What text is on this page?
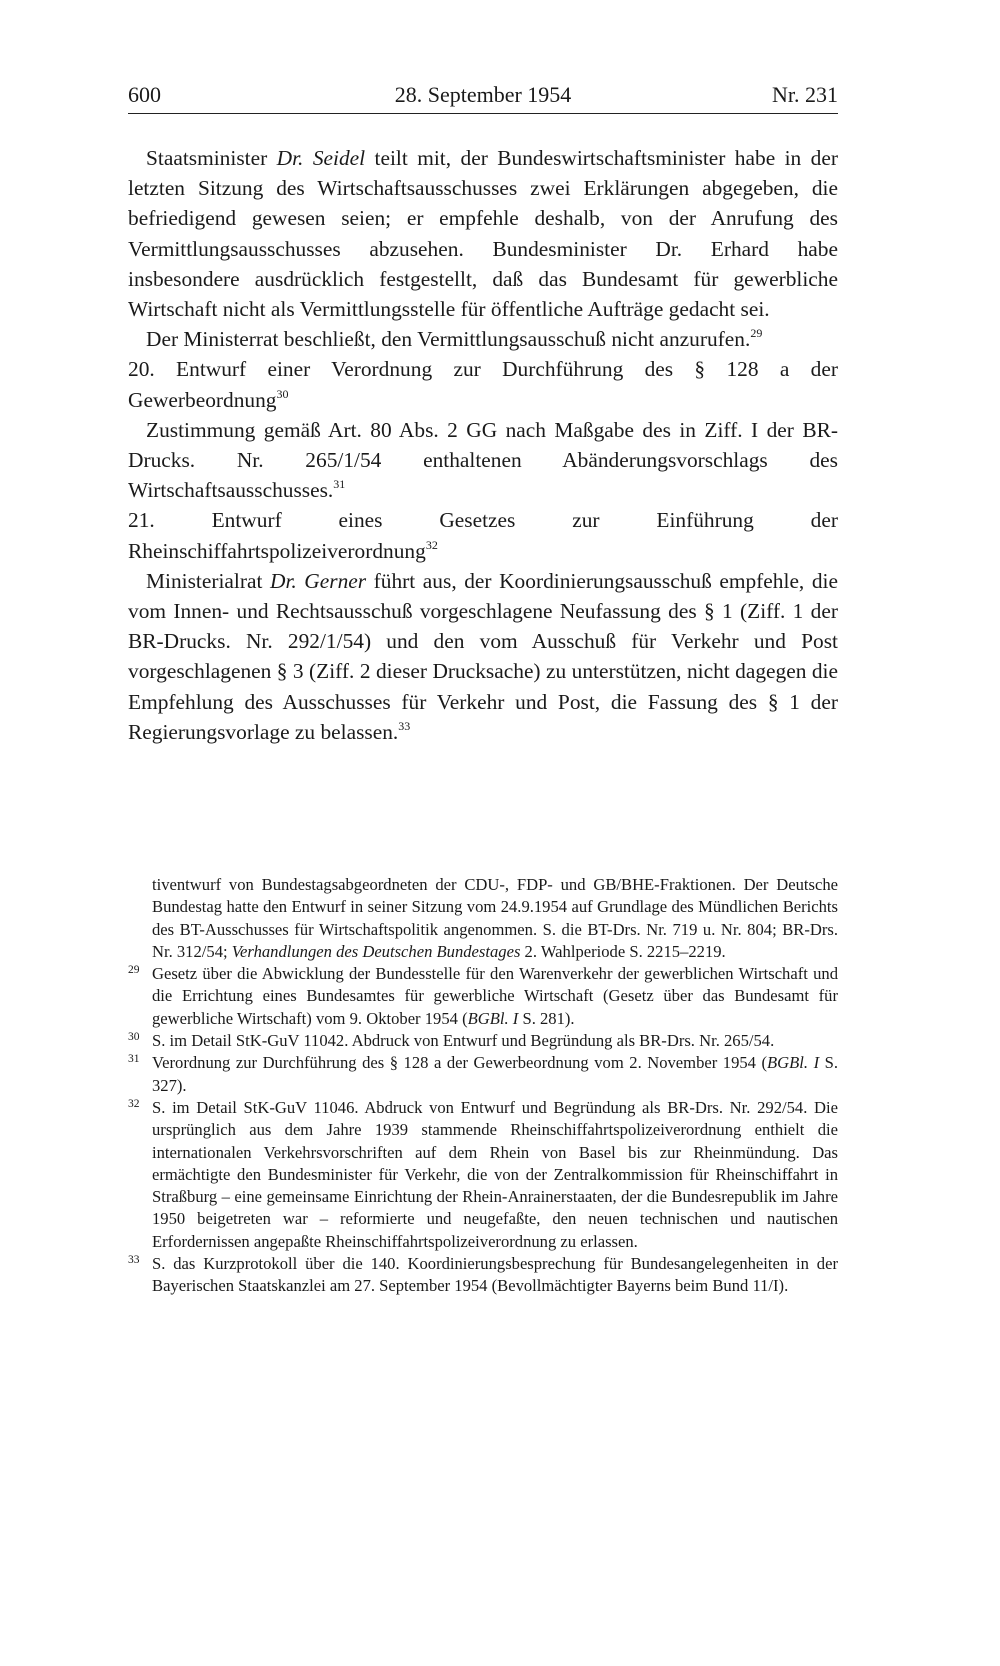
600	28. September 1954	Nr. 231

Staatsminister Dr. Seidel teilt mit, der Bundeswirtschaftsminister habe in der letzten Sitzung des Wirtschaftsausschusses zwei Erklärungen abgegeben, die befriedigend gewesen seien; er empfehle deshalb, von der Anrufung des Vermittlungsausschusses abzusehen. Bundesminister Dr. Erhard habe insbesondere ausdrücklich festgestellt, daß das Bundesamt für gewerbliche Wirtschaft nicht als Vermittlungsstelle für öffentliche Aufträge gedacht sei.

Der Ministerrat beschließt, den Vermittlungsausschuß nicht anzurufen.$^{29}$

20. Entwurf einer Verordnung zur Durchführung des § 128 a der Gewerbeordnung$^{30}$

Zustimmung gemäß Art. 80 Abs. 2 GG nach Maßgabe des in Ziff. I der BR-Drucks. Nr. 265/1/54 enthaltenen Abänderungsvorschlags des Wirtschaftsausschusses.$^{31}$

21. Entwurf eines Gesetzes zur Einführung der Rheinschiffahrtspolizeiverordnung$^{32}$

Ministerialrat Dr. Gerner führt aus, der Koordinierungsausschuß empfehle, die vom Innen- und Rechtsausschuß vorgeschlagene Neufassung des § 1 (Ziff. 1 der BR-Drucks. Nr. 292/1/54) und den vom Ausschuß für Verkehr und Post vorgeschlagenen § 3 (Ziff. 2 dieser Drucksache) zu unterstützen, nicht dagegen die Empfehlung des Ausschusses für Verkehr und Post, die Fassung des § 1 der Regierungsvorlage zu belassen.$^{33}$

tiventwurf von Bundestagsabgeordneten der CDU-, FDP- und GB/BHE-Fraktionen. Der Deutsche Bundestag hatte den Entwurf in seiner Sitzung vom 24.9.1954 auf Grundlage des Mündlichen Berichts des BT-Ausschusses für Wirtschaftspolitik angenommen. S. die BT-Drs. Nr. 719 u. Nr. 804; BR-Drs. Nr. 312/54; Verhandlungen des Deutschen Bundestages 2. Wahlperiode S. 2215–2219.

29 Gesetz über die Abwicklung der Bundesstelle für den Warenverkehr der gewerblichen Wirtschaft und die Errichtung eines Bundesamtes für gewerbliche Wirtschaft (Gesetz über das Bundesamt für gewerbliche Wirtschaft) vom 9. Oktober 1954 (BGBl. I S. 281).

30 S. im Detail StK-GuV 11042. Abdruck von Entwurf und Begründung als BR-Drs. Nr. 265/54.

31 Verordnung zur Durchführung des § 128 a der Gewerbeordnung vom 2. November 1954 (BGBl. I S. 327).

32 S. im Detail StK-GuV 11046. Abdruck von Entwurf und Begründung als BR-Drs. Nr. 292/54. Die ursprünglich aus dem Jahre 1939 stammende Rheinschiffahrtspolizeiverordnung enthielt die internationalen Verkehrsvorschriften auf dem Rhein von Basel bis zur Rheinmündung. Das ermächtigte den Bundesminister für Verkehr, die von der Zentralkommission für Rheinschiffahrt in Straßburg – eine gemeinsame Einrichtung der Rhein-Anrainerstaaten, der die Bundesrepublik im Jahre 1950 beigetreten war – reformierte und neugefaßte, den neuen technischen und nautischen Erfordernissen angepaßte Rheinschiffahrtspolizeiverordnung zu erlassen.

33 S. das Kurzprotokoll über die 140. Koordinierungsbesprechung für Bundesangelegenheiten in der Bayerischen Staatskanzlei am 27. September 1954 (Bevollmächtigter Bayerns beim Bund 11/I).
